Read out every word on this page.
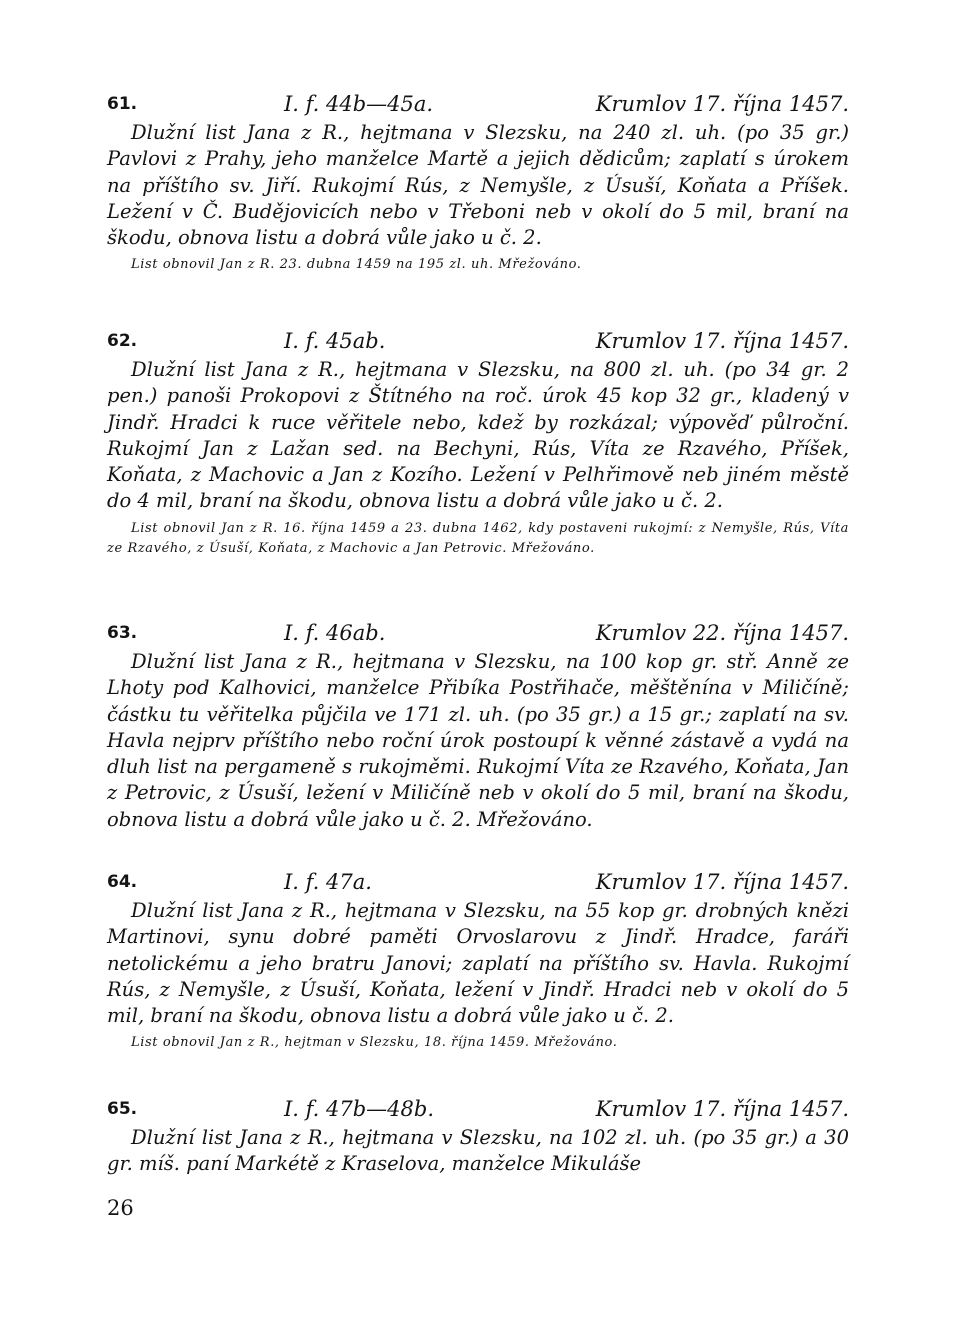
61.	I. f. 44b—45a.	Krumlov 17. října 1457.

Dlužní list Jana z R., hejtmana v Slezsku, na 240 zl. uh. (po 35 gr.) Pavlovi z Prahy, jeho manželce Martě a jejich dědicům; zaplatí s úrokem na příštího sv. Jiří. Rukojmí Rús, z Nemyšle, z Úsuší, Koňata a Příšek. Ležení v Č. Budějovicích nebo v Třeboni neb v okolí do 5 mil, braní na škodu, obnova listu a dobrá vůle jako u č. 2.

List obnovil Jan z R. 23. dubna 1459 na 195 zl. uh. Mřežováno.

62.	I. f. 45ab.	Krumlov 17. října 1457.

Dlužní list Jana z R., hejtmana v Slezsku, na 800 zl. uh. (po 34 gr. 2 pen.) panoši Prokopovi z Štítného na roč. úrok 45 kop 32 gr., kladený v Jindř. Hradci k ruce věřitele nebo, kdež by rozkázal; výpověď půlroční. Rukojmí Jan z Lažan sed. na Bechyni, Rús, Víta ze Rzavého, Příšek, Koňata, z Machovic a Jan z Kozího. Ležení v Pelhřimově neb jiném městě do 4 mil, braní na škodu, obnova listu a dobrá vůle jako u č. 2.

List obnovil Jan z R. 16. října 1459 a 23. dubna 1462, kdy postaveni rukojmí: z Nemyšle, Rús, Víta ze Rzavého, z Úsuší, Koňata, z Machovic a Jan Petrovic. Mřežováno.

63.	I. f. 46ab.	Krumlov 22. října 1457.

Dlužní list Jana z R., hejtmana v Slezsku, na 100 kop gr. stř. Anně ze Lhoty pod Kalhovici, manželce Přibíka Postřihače, měštěnína v Miličíně; částku tu věřitelka půjčila ve 171 zl. uh. (po 35 gr.) a 15 gr.; zaplatí na sv. Havla nejprv příštího nebo roční úrok postoupí k věnné zástavě a vydá na dluh list na pergameně s rukojměmi. Rukojmí Víta ze Rzavého, Koňata, Jan z Petrovic, z Úsuší, ležení v Miličíně neb v okolí do 5 mil, braní na škodu, obnova listu a dobrá vůle jako u č. 2. Mřežováno.

64.	I. f. 47a.	Krumlov 17. října 1457.

Dlužní list Jana z R., hejtmana v Slezsku, na 55 kop gr. drobných knězi Martinovi, synu dobré paměti Orvoslarovu z Jindř. Hradce, faráři netolickému a jeho bratru Janovi; zaplatí na příštího sv. Havla. Rukojmí Rús, z Nemyšle, z Úsuší, Koňata, ležení v Jindř. Hradci neb v okolí do 5 mil, braní na škodu, obnova listu a dobrá vůle jako u č. 2.

List obnovil Jan z R., hejtman v Slezsku, 18. října 1459. Mřežováno.

65.	I. f. 47b—48b.	Krumlov 17. října 1457.

Dlužní list Jana z R., hejtmana v Slezsku, na 102 zl. uh. (po 35 gr.) a 30 gr. míš. paní Markétě z Kraselova, manželce Mikuláše

26
